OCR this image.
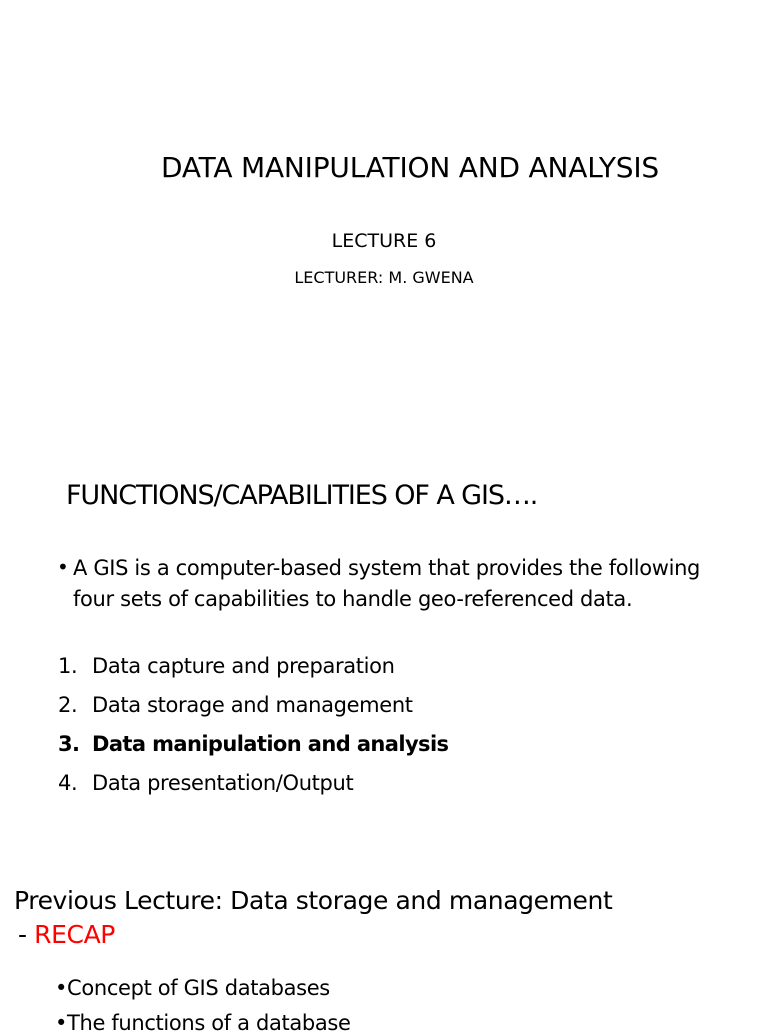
DATA MANIPULATION AND ANALYSIS
LECTURE 6
LECTURER: M. GWENA
FUNCTIONS/CAPABILITIES OF A GIS….
• A GIS is a computer-based system that provides the following four sets of capabilities to handle geo-referenced data.

1. Data capture and preparation
2. Data storage and management
3. Data manipulation and analysis
4. Data presentation/Output
Previous Lecture: Data storage and management
- RECAP
•Concept of GIS databases
•The functions of a database
